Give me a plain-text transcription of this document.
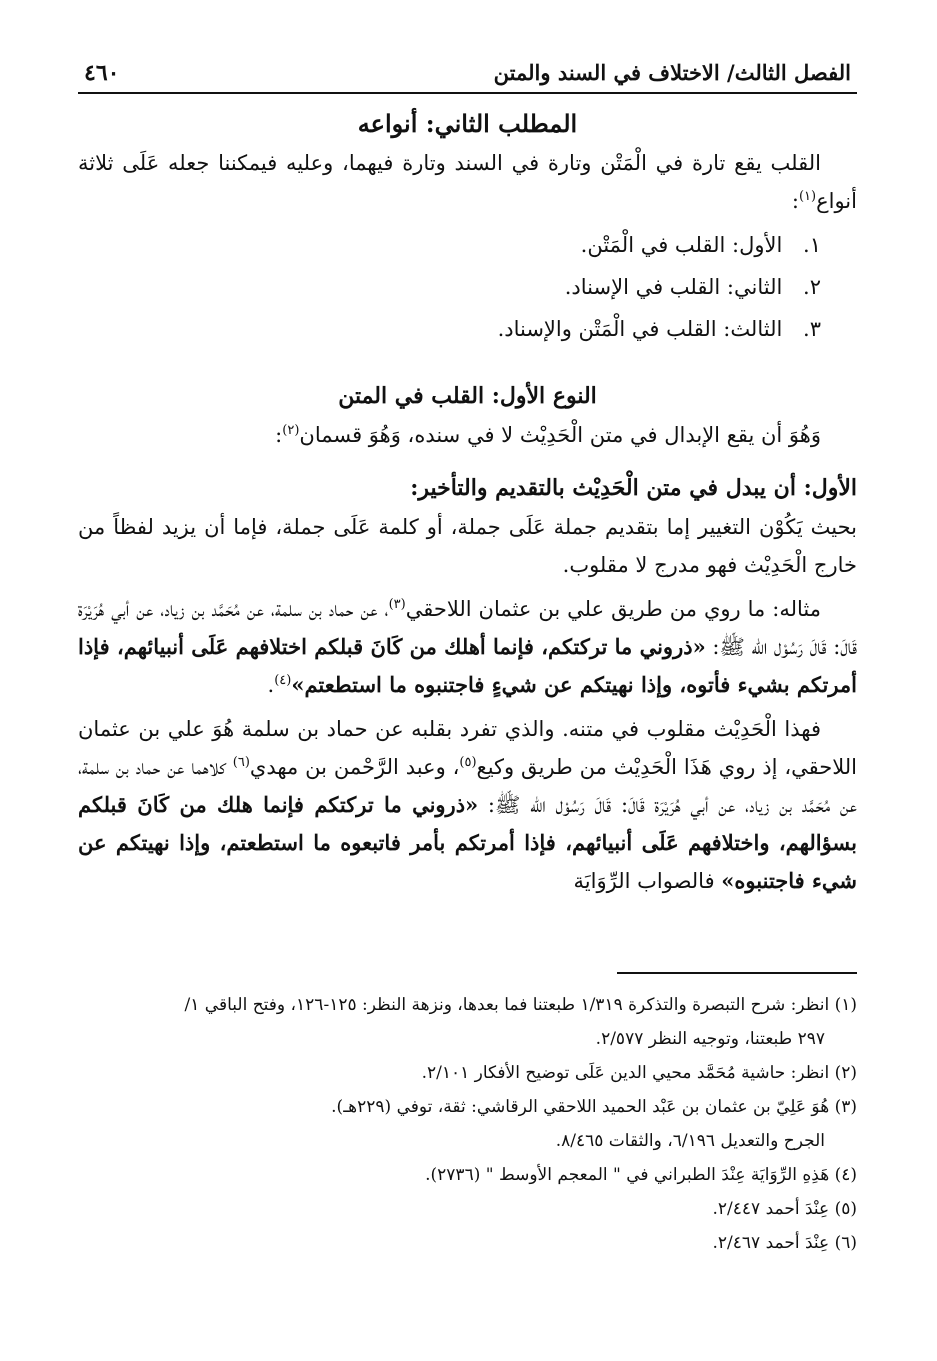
الفصل الثالث/ الاختلاف في السند والمتن
٤٦٠
المطلب الثاني: أنواعه

القلب يقع تارة في الْمَتْن وتارة في السند وتارة فيهما، وعليه فيمكننا جعله عَلَى ثلاثة أنواع$^{(١)}$:

١. الأول: القلب في الْمَتْن.
٢. الثاني: القلب في الإسناد.
٣. الثالث: القلب في الْمَتْن والإسناد.
النوع الأول: القلب في المتن

وَهُوَ أن يقع الإبدال في متن الْحَدِيْث لا في سنده، وَهُوَ قسمان$^{(٢)}$:

الأول: أن يبدل في متن الْحَدِيْث بالتقديم والتأخير:

بحيث يَكُوْن التغيير إما بتقديم جملة عَلَى جملة، أو كلمة عَلَى جملة، فإما أن يزيد لفظاً من خارج الْحَدِيْث فهو مدرج لا مقلوب.

مثاله: ما روي من طريق علي بن عثمان اللاحقي$^{(٣)}$، عن حماد بن سلمة، عن مُحَمَّد بن زياد، عن أبي هُرَيْرَة قَالَ: قَالَ رَسُوْل الله ﷺ: «ذروني ما تركتكم، فإنما أهلك من كَانَ قبلكم اختلافهم عَلَى أنبيائهم، فإذا أمرتكم بشيء فأتوه، وإذا نهيتكم عن شيءٍ فاجتنبوه ما استطعتم»$^{(٤)}$.

فهذا الْحَدِيْث مقلوب في متنه. والذي تفرد بقلبه عن حماد بن سلمة هُوَ علي بن عثمان اللاحقي، إذ روي هَذَا الْحَدِيْث من طريق وكيع$^{(٥)}$، وعبد الرَّحْمن بن مهدي$^{(٦)}$ كلاهما عن حماد بن سلمة، عن مُحَمَّد بن زياد، عن أبي هُرَيْرَة قَالَ: قَالَ رَسُوْل الله ﷺ: «ذروني ما تركتكم فإنما هلك من كَانَ قبلكم بسؤالهم، واختلافهم عَلَى أنبيائهم، فإذا أمرتكم بأمر فاتبعوه ما استطعتم، وإذا نهيتكم عن شيء فاجتنبوه» فالصواب الرِّوَايَة

(١) انظر: شرح التبصرة والتذكرة ١/٣١٩ طبعتنا فما بعدها، ونزهة النظر: ١٢٥-١٢٦، وفتح الباقي ١/

٢٩٧ طبعتنا، وتوجيه النظر ٢/٥٧٧.

(٢) انظر: حاشية مُحَمَّد محيي الدين عَلَى توضيح الأفكار ٢/١٠١.

(٣) هُوَ عَلِيّ بن عثمان بن عَبْد الحميد اللاحقي الرقاشي: ثقة، توفي (٢٢٩هـ).

الجرح والتعديل ٦/١٩٦، والثقات ٨/٤٦٥.

(٤) هَذِهِ الرِّوَايَة عِنْدَ الطبراني في " المعجم الأوسط " (٢٧٣٦).

(٥) عِنْدَ أحمد ٢/٤٤٧.

(٦) عِنْدَ أحمد ٢/٤٦٧.
